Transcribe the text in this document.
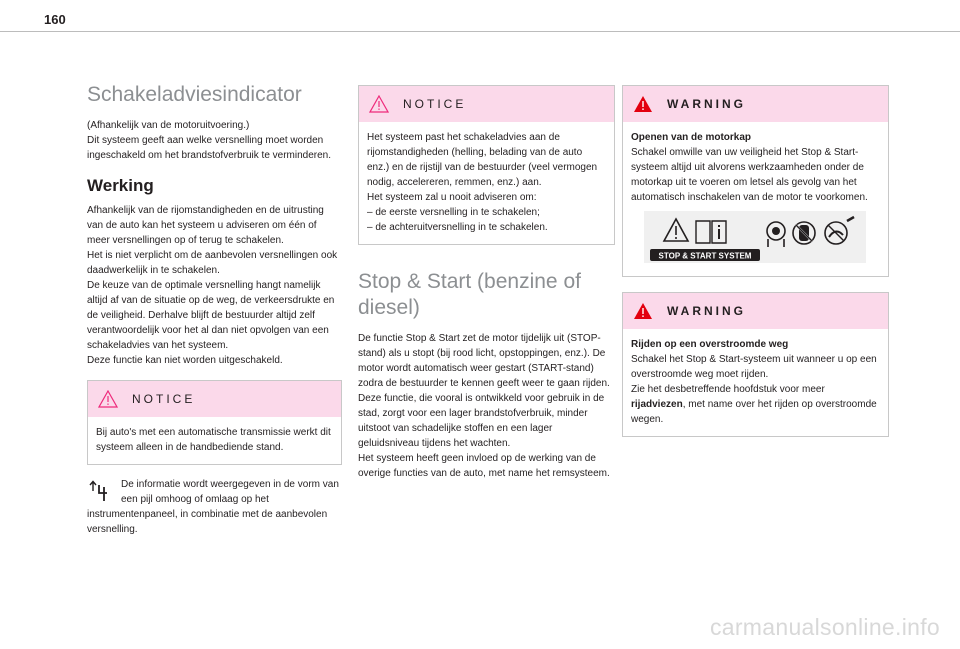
160
Schakeladviesindicator

(Afhankelijk van de motoruitvoering.)

Dit systeem geeft aan welke versnelling moet worden ingeschakeld om het brandstofverbruik te verminderen.

Werking

Afhankelijk van de rijomstandigheden en de uitrusting van de auto kan het systeem u adviseren om één of meer versnellingen op of terug te schakelen.

Het is niet verplicht om de aanbevolen versnellingen ook daadwerkelijk in te schakelen.

De keuze van de optimale versnelling hangt namelijk altijd af van de situatie op de weg, de verkeersdrukte en de veiligheid. Derhalve blijft de bestuurder altijd zelf verantwoordelijk voor het al dan niet opvolgen van een schakeladvies van het systeem.

Deze functie kan niet worden uitgeschakeld.

NOTICE

Bij auto's met een automatische transmissie werkt dit systeem alleen in de handbediende stand.

De informatie wordt weergegeven in de vorm van een pijl omhoog of omlaag op het instrumentenpaneel, in combinatie met de aanbevolen versnelling.

NOTICE

Het systeem past het schakeladvies aan de rijomstandigheden (helling, belading van de auto enz.) en de rijstijl van de bestuurder (veel vermogen nodig, accelereren, remmen, enz.) aan.

Het systeem zal u nooit adviseren om:

– de eerste versnelling in te schakelen;

– de achteruitversnelling in te schakelen.

Stop & Start (benzine of diesel)

De functie Stop & Start zet de motor tijdelijk uit (STOP-stand) als u stopt (bij rood licht, opstoppingen, enz.). De motor wordt automatisch weer gestart (START-stand) zodra de bestuurder te kennen geeft weer te gaan rijden.

Deze functie, die vooral is ontwikkeld voor gebruik in de stad, zorgt voor een lager brandstofverbruik, minder uitstoot van schadelijke stoffen en een lager geluidsniveau tijdens het wachten.

Het systeem heeft geen invloed op de werking van de overige functies van de auto, met name het remsysteem.

WARNING

Openen van de motorkap

Schakel omwille van uw veiligheid het Stop & Start-systeem altijd uit alvorens werkzaamheden onder de motorkap uit te voeren om letsel als gevolg van het automatisch inschakelen van de motor te voorkomen.

STOP & START SYSTEM
WARNING

Rijden op een overstroomde weg

Schakel het Stop & Start-systeem uit wanneer u op een overstroomde weg moet rijden.

Zie het desbetreffende hoofdstuk voor meer rijadviezen, met name over het rijden op overstroomde wegen.

carmanualsonline.info
